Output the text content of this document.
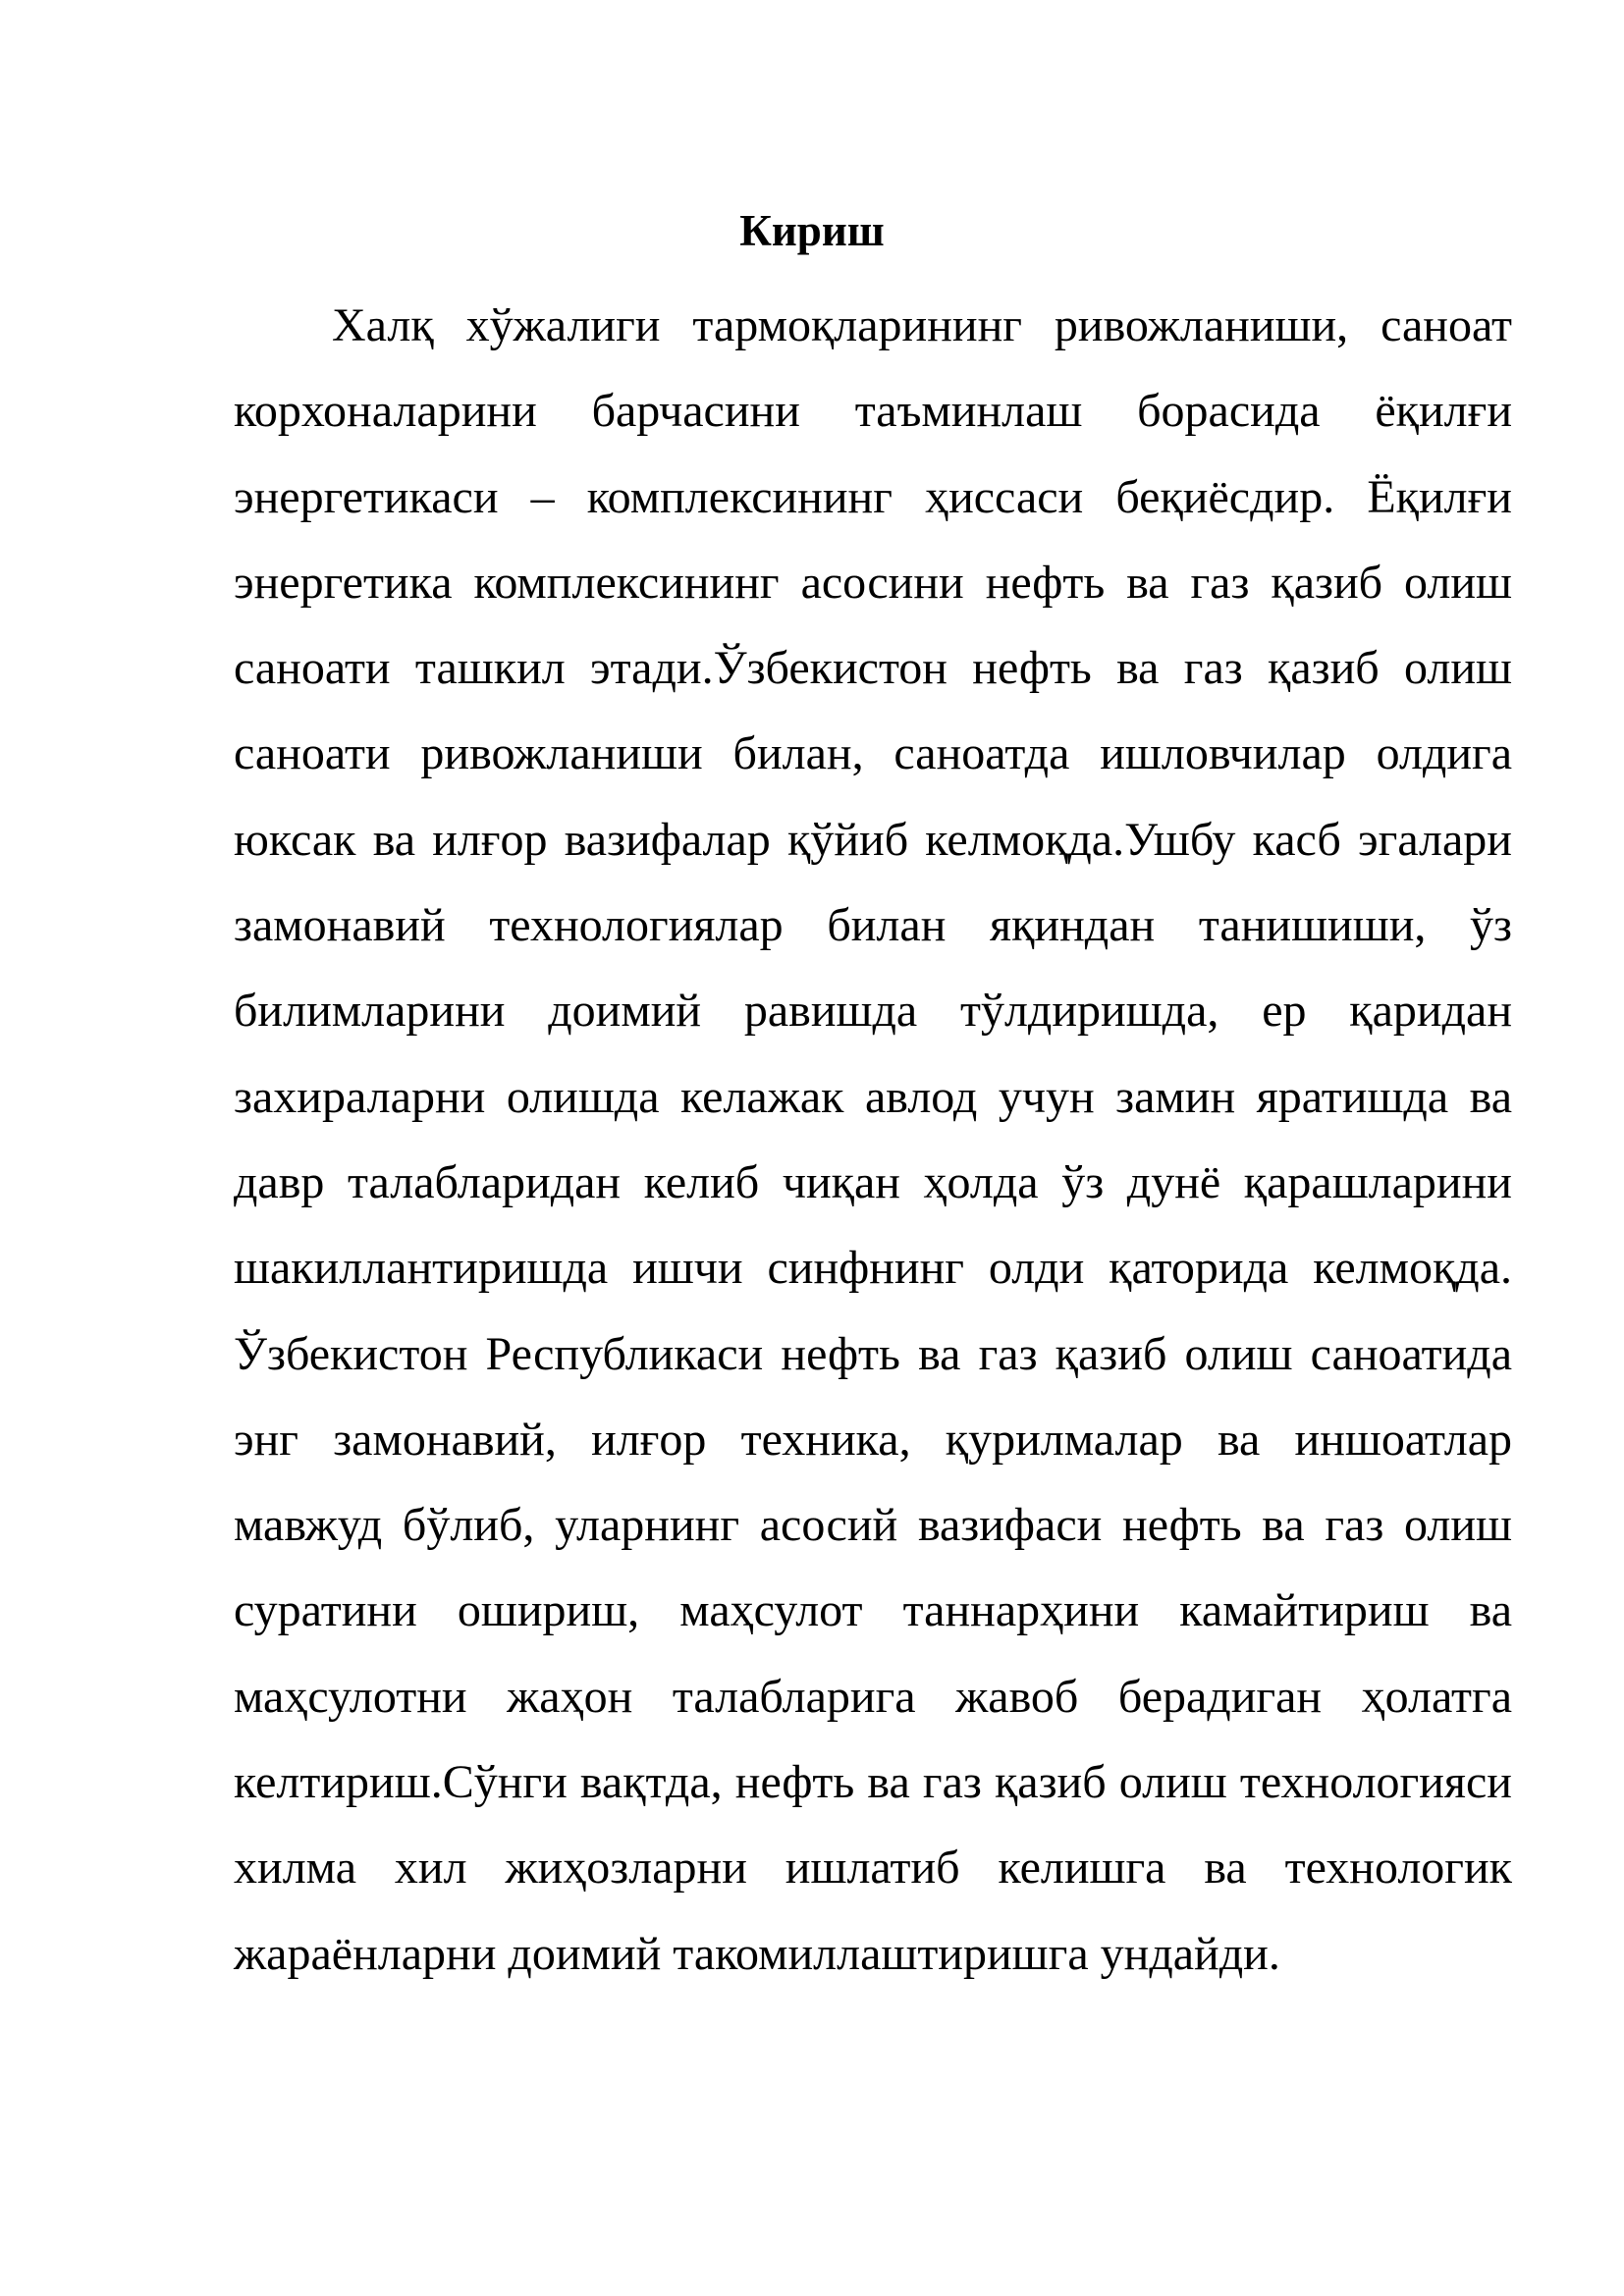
Кириш

Халқ хўжалиги тармоқларининг ривожланиши, саноат корхоналарини барчасини таъминлаш борасида ёқилғи энергетикаси – комплексининг ҳиссаси беқиёсдир. Ёқилғи энергетика комплексининг асосини нефть ва газ қазиб олиш саноати ташкил этади.Ўзбекистон нефть ва газ қазиб олиш саноати ривожланиши билан, саноатда ишловчилар олдига юксак ва илғор вазифалар қўйиб келмоқда.Ушбу касб эгалари замонавий технологиялар билан яқиндан танишиши, ўз билимларини доимий равишда тўлдиришда, ер қаридан захираларни олишда келажак авлод учун замин яратишда ва давр талабларидан келиб чиқан ҳолда ўз дунё қарашларини шакиллантиришда ишчи синфнинг олди қаторида келмоқда. Ўзбекистон Республикаси нефть ва газ қазиб олиш саноатида энг замонавий, илғор техника, қурилмалар ва иншоатлар мавжуд бўлиб, уларнинг асосий вазифаси нефть ва газ олиш суратини ошириш, маҳсулот таннарҳини камайтириш ва маҳсулотни жаҳон талабларига жавоб берадиган ҳолатга келтириш.Сўнги вақтда, нефть ва газ қазиб олиш технологияси хилма хил жиҳозларни ишлатиб келишга ва технологик жараёнларни доимий такомиллаштиришга ундайди.
